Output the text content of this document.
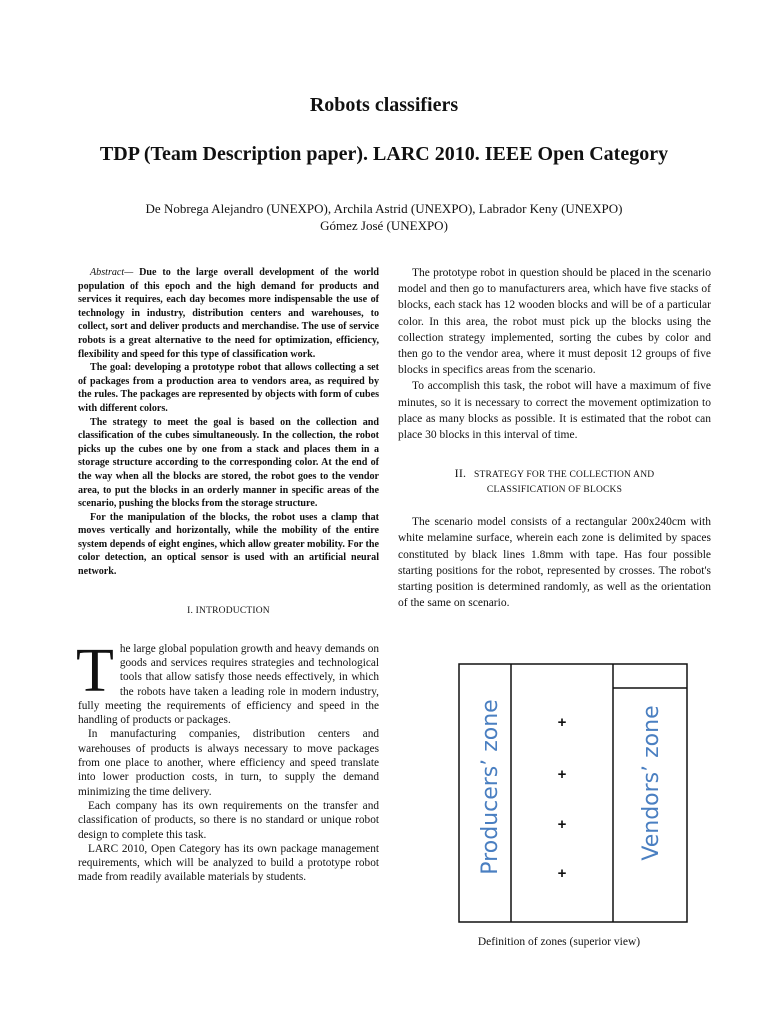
Robots classifiers
TDP (Team Description paper). LARC 2010. IEEE Open Category
De Nobrega Alejandro (UNEXPO), Archila Astrid (UNEXPO), Labrador Keny (UNEXPO)
Gómez José (UNEXPO)

Abstract— Due to the large overall development of the world population of this epoch and the high demand for products and services it requires, each day becomes more indispensable the use of technology in industry, distribution centers and warehouses, to collect, sort and deliver products and merchandise. The use of service robots is a great alternative to the need for optimization, efficiency, flexibility and speed for this type of classification work.

The goal: developing a prototype robot that allows collecting a set of packages from a production area to vendors area, as required by the rules. The packages are represented by objects with form of cubes with different colors.

The strategy to meet the goal is based on the collection and classification of the cubes simultaneously. In the collection, the robot picks up the cubes one by one from a stack and places them in a storage structure according to the corresponding color. At the end of the way when all the blocks are stored, the robot goes to the vendor area, to put the blocks in an orderly manner in specific areas of the scenario, pushing the blocks from the storage structure.

For the manipulation of the blocks, the robot uses a clamp that moves vertically and horizontally, while the mobility of the entire system depends of eight engines, which allow greater mobility. For the color detection, an optical sensor is used with an artificial neural network.

I. INTRODUCTION

The large global population growth and heavy demands on goods and services requires strategies and technological tools that allow satisfy those needs effectively, in which the robots have taken a leading role in modern industry, fully meeting the requirements of efficiency and speed in the handling of products or packages.

In manufacturing companies, distribution centers and warehouses of products is always necessary to move packages from one place to another, where efficiency and speed translate into lower production costs, in turn, to supply the demand minimizing the time delivery.

Each company has its own requirements on the transfer and classification of products, so there is no standard or unique robot design to complete this task.

LARC 2010, Open Category has its own package management requirements, which will be analyzed to build a prototype robot made from readily available materials by students.

The prototype robot in question should be placed in the scenario model and then go to manufacturers area, which have five stacks of blocks, each stack has 12 wooden blocks and will be of a particular color. In this area, the robot must pick up the blocks using the collection strategy implemented, sorting the cubes by color and then go to the vendor area, where it must deposit 12 groups of five blocks in specifics areas from the scenario.

To accomplish this task, the robot will have a maximum of five minutes, so it is necessary to correct the movement optimization to place as many blocks as possible. It is estimated that the robot can place 30 blocks in this interval of time.

II. STRATEGY FOR THE COLLECTION AND
CLASSIFICATION OF BLOCKS

The scenario model consists of a rectangular 200x240cm with white melamine surface, wherein each zone is delimited by spaces constituted by black lines 1.8mm with tape. Has four possible starting positions for the robot, represented by crosses. The robot's starting position is determined randomly, as well as the orientation of the same on scenario.

+
+
+
+
Producers’ zone	Vendors’ zone
Definition of zones (superior view)
